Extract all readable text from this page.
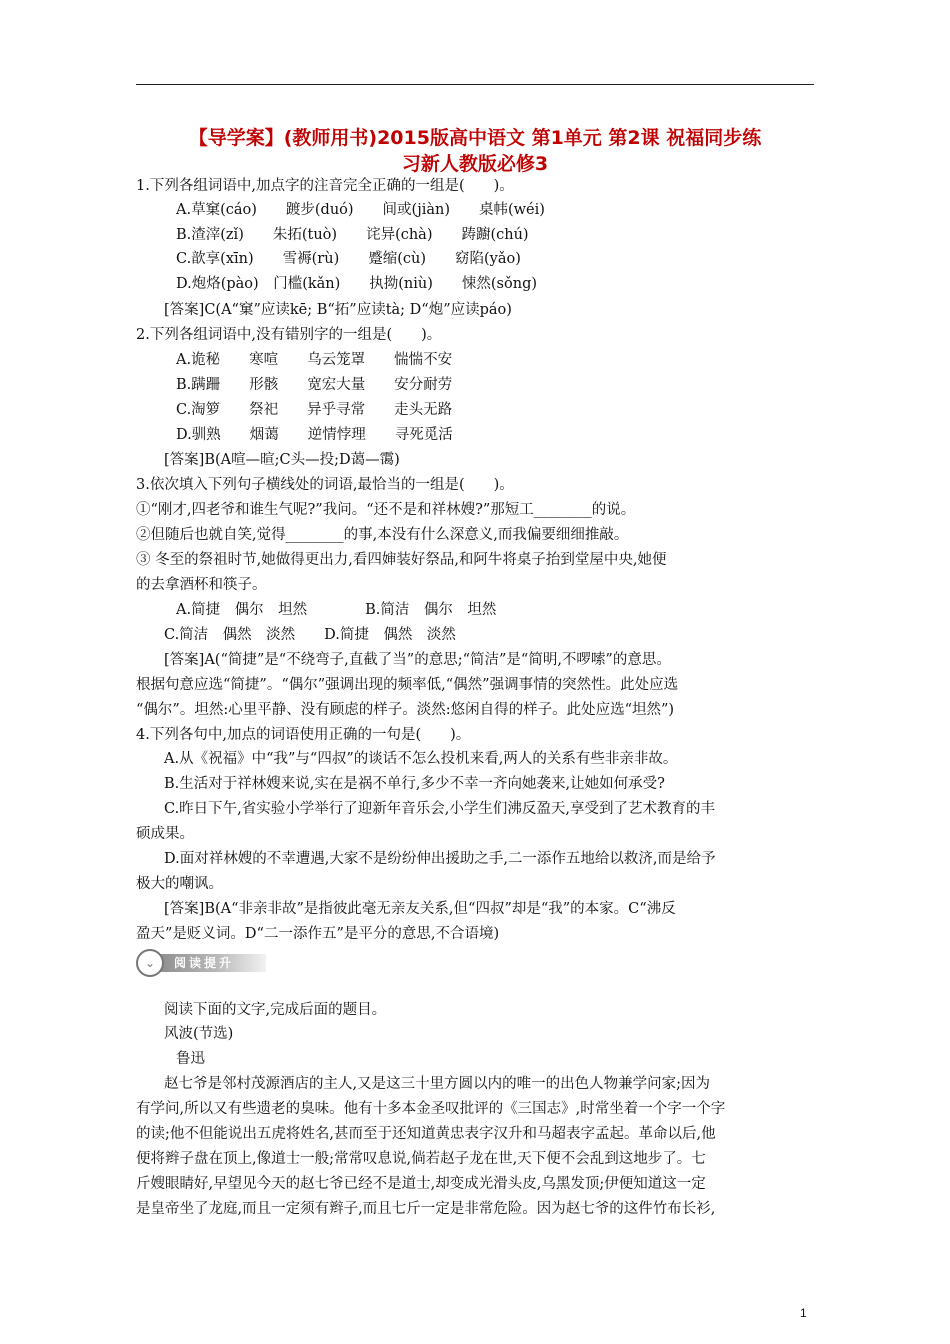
【导学案】(教师用书)2015版高中语文 第1单元 第2课 祝福同步练
习新人教版必修3
1.下列各组词语中,加点字的注音完全正确的一组是(　　)。
A.草窠(cáo)　　踱步(duó)　　间或(jiàn)　　桌帏(wéi)
B.渣滓(zǐ)　　朱拓(tuò)　　诧异(chà)　　踌躕(chú)
C.歆享(xīn)　　雪褥(rù)　　蹙缩(cù)　　窈陷(yǎo)
D.炮烙(pào)　门槛(kǎn)　　执拗(niù)　　悚然(sǒng)
[答案]C(A“窠”应读kē; B“拓”应读tà; D“炮”应读páo)
2.下列各组词语中,没有错别字的一组是(　　)。
A.诡秘　　寒喧　　乌云笼罩　　惴惴不安
B.蹒跚　　形骸　　宽宏大量　　安分耐劳
C.淘箩　　祭祀　　异乎寻常　　走头无路
D.驯熟　　烟蔼　　逆情悖理　　寻死觅活
[答案]B(A喧—暄;C头—投;D蔼—霭)
3.依次填入下列句子横线处的词语,最恰当的一组是(　　)。
①“刚才,四老爷和谁生气呢?”我问。“还不是和祥林嫂?”那短工________的说。
②但随后也就自笑,觉得________的事,本没有什么深意义,而我偏要细细推敲。
③ 冬至的祭祖时节,她做得更出力,看四婶装好祭品,和阿牛将桌子抬到堂屋中央,她便
的去拿酒杯和筷子。
A.简捷　偶尔　坦然　　　　B.简洁　偶尔　坦然
C.简洁　偶然　淡然　　D.简捷　偶然　淡然
[答案]A(“简捷”是“不绕弯子,直截了当”的意思;“简洁”是“简明,不啰嗦”的意思。
根据句意应选“简捷”。“偶尔”强调出现的频率低,“偶然”强调事情的突然性。此处应选
“偶尔”。坦然:心里平静、没有顾虑的样子。淡然:悠闲自得的样子。此处应选“坦然”)
4.下列各句中,加点的词语使用正确的一句是(　　)。
A.从《祝福》中“我”与“四叔”的谈话不怎么投机来看,两人的关系有些非亲非故。
B.生活对于祥林嫂来说,实在是祸不单行,多少不幸一齐向她袭来,让她如何承受?
C.昨日下午,省实验小学举行了迎新年音乐会,小学生们沸反盈天,享受到了艺术教育的丰
硕成果。
D.面对祥林嫂的不幸遭遇,大家不是纷纷伸出援助之手,二一添作五地给以救济,而是给予
极大的嘲讽。
[答案]B(A“非亲非故”是指彼此毫无亲友关系,但“四叔”却是“我”的本家。C“沸反
盈天”是贬义词。D“二一添作五”是平分的意思,不合语境)
⌄	阅读提升
阅读下面的文字,完成后面的题目。
风波(节选)
鲁迅
赵七爷是邻村茂源酒店的主人,又是这三十里方圆以内的唯一的出色人物兼学问家;因为
有学问,所以又有些遗老的臭味。他有十多本金圣叹批评的《三国志》,时常坐着一个字一个字
的读;他不但能说出五虎将姓名,甚而至于还知道黄忠表字汉升和马超表字孟起。革命以后,他
便将辫子盘在顶上,像道士一般;常常叹息说,倘若赵子龙在世,天下便不会乱到这地步了。七
斤嫂眼睛好,早望见今天的赵七爷已经不是道士,却变成光滑头皮,乌黑发顶;伊便知道这一定
是皇帝坐了龙庭,而且一定须有辫子,而且七斤一定是非常危险。因为赵七爷的这件竹布长衫,
1
